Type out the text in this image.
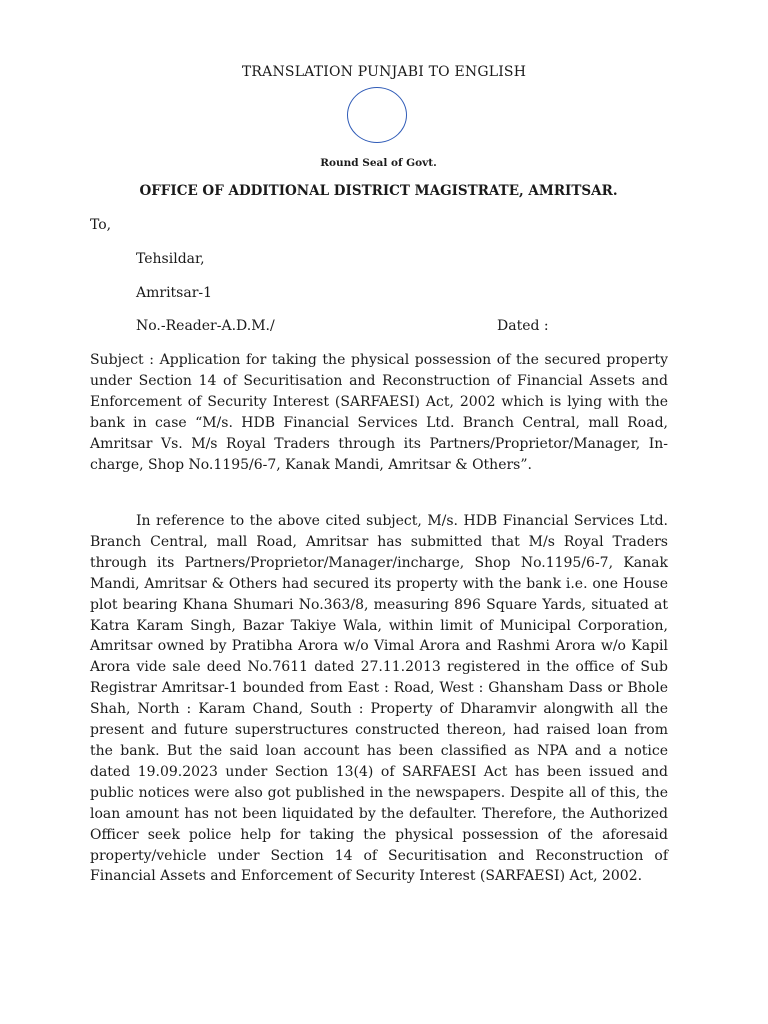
TRANSLATION PUNJABI TO ENGLISH
Round Seal of Govt.
OFFICE OF ADDITIONAL DISTRICT MAGISTRATE, AMRITSAR.
To,
Tehsildar,
Amritsar-1
No.-Reader-A.D.M./	Dated :

Subject : Application for taking the physical possession of the secured property under Section 14 of Securitisation and Reconstruction of Financial Assets and Enforcement of Security Interest (SARFAESI) Act, 2002 which is lying with the bank in case “M/s. HDB Financial Services Ltd. Branch Central, mall Road, Amritsar Vs. M/s Royal Traders through its Partners/Proprietor/Manager, In-charge, Shop No.1195/6-7, Kanak Mandi, Amritsar & Others”.

In reference to the above cited subject, M/s. HDB Financial Services Ltd. Branch Central, mall Road, Amritsar has submitted that M/s Royal Traders through its Partners/Proprietor/Manager/incharge, Shop No.1195/6-7, Kanak Mandi, Amritsar & Others had secured its property with the bank i.e. one House plot bearing Khana Shumari No.363/8, measuring 896 Square Yards, situated at Katra Karam Singh, Bazar Takiye Wala, within limit of Municipal Corporation, Amritsar owned by Pratibha Arora w/o Vimal Arora and Rashmi Arora w/o Kapil Arora vide sale deed No.7611 dated 27.11.2013 registered in the office of Sub Registrar Amritsar-1 bounded from East : Road, West : Ghansham Dass or Bhole Shah, North : Karam Chand, South : Property of Dharamvir alongwith all the present and future superstructures constructed thereon, had raised loan from the bank. But the said loan account has been classified as NPA and a notice dated 19.09.2023 under Section 13(4) of SARFAESI Act has been issued and public notices were also got published in the newspapers. Despite all of this, the loan amount has not been liquidated by the defaulter. Therefore, the Authorized Officer seek police help for taking the physical possession of the aforesaid property/vehicle under Section 14 of Securitisation and Reconstruction of Financial Assets and Enforcement of Security Interest (SARFAESI) Act, 2002.
